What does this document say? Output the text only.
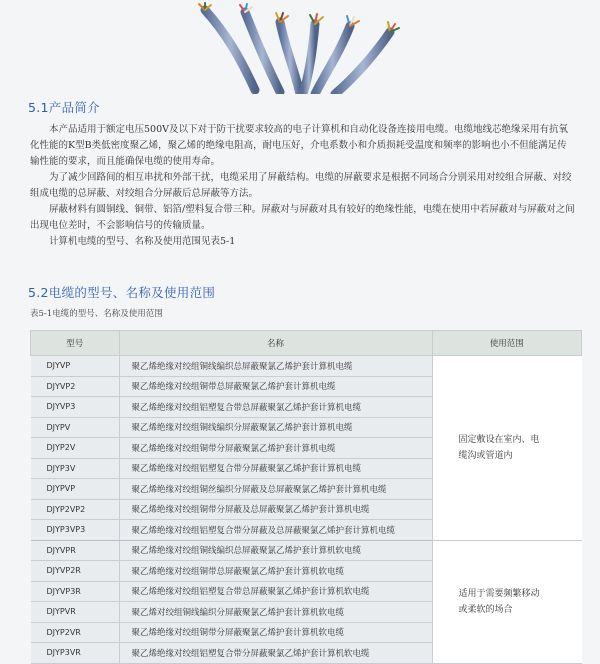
5.1产品简介

本产品适用于额定电压500V及以下对于防干扰要求较高的电子计算机和自动化设备连接用电缆。电缆地线芯绝缘采用有抗氧化性能的K型B类低密度聚乙烯，聚乙烯的绝缘电阻高，耐电压好，介电系数小和介质损耗受温度和频率的影响也小不但能满足传输性能的要求，而且能确保电缆的使用寿命。

为了减少回路间的相互串扰和外部干扰，电缆采用了屏蔽结构。电缆的屏蔽要求是根据不同场合分别采用对绞组合屏蔽、对绞组成电缆的总屏蔽、对绞组合分屏蔽后总屏蔽等方法。

屏蔽材料有圆铜线、铜带、铝箔/塑料复合带三种。屏蔽对与屏蔽对具有较好的绝缘性能，电缆在使用中若屏蔽对与屏蔽对之间出现电位差时，不会影响信号的传输质量。

计算机电缆的型号、名称及使用范围见表5-1

5.2电缆的型号、名称及使用范围
表5-1电缆的型号、名称及使用范围
型号	名称	使用范围
DJYVP	聚乙烯绝缘对绞组铜线编织总屏蔽聚氯乙烯护套计算机电缆	固定敷设在室内、电
缆沟或管道内

DJYVP2	聚乙烯绝缘对绞组铜带总屏蔽聚氯乙烯护套计算机电缆	
DJYVP3	聚乙烯绝缘对绞组铝塑复合带总屏蔽聚氯乙烯护套计算机电缆	
DJYPV	聚乙烯绝缘对绞组铜线编织分屏蔽聚氯乙烯护套计算机电缆	
DJYP2V	聚乙烯绝缘对绞组铜带分屏蔽聚氯乙烯护套计算机电缆	
DJYP3V	聚乙烯绝缘对绞组铝塑复合带分屏蔽聚氯乙烯护套计算机电缆	
DJYPVP	聚乙烯绝缘对绞组铜丝编织分屏蔽及总屏蔽聚氯乙烯护套计算机电缆	
DJYP2VP2	聚乙烯绝缘对绞组铜带分屏蔽及总屏蔽聚氯乙烯护套计算机电缆	
DJYP3VP3	聚乙烯绝缘对绞组铝塑复合带分屏蔽及总屏蔽聚氯乙烯护套计算机电缆	
DJYVPR	聚乙烯绝缘对绞组铜线编织总屏蔽聚氯乙烯护套计算机软电缆	适用于需要频繁移动
或柔软的场合

DJYVP2R	聚乙烯绝缘对绞组铜带总屏蔽聚氯乙烯护套计算机软电缆	
DJYVP3R	聚乙烯绝缘对绞组铝塑复合带总屏蔽聚氯乙烯护套计算机软电缆	
DJYPVR	聚乙烯对绞组铜线编织分屏蔽聚氯乙烯护套计算机软电缆	
DJYP2VR	聚乙烯绝缘对绞组铜带分屏蔽聚氯乙烯护套计算机软电缆	
DJYP3VR	聚乙烯绝缘对绞组铝塑复合带分屏蔽聚氯乙烯护套计算机软电缆	
